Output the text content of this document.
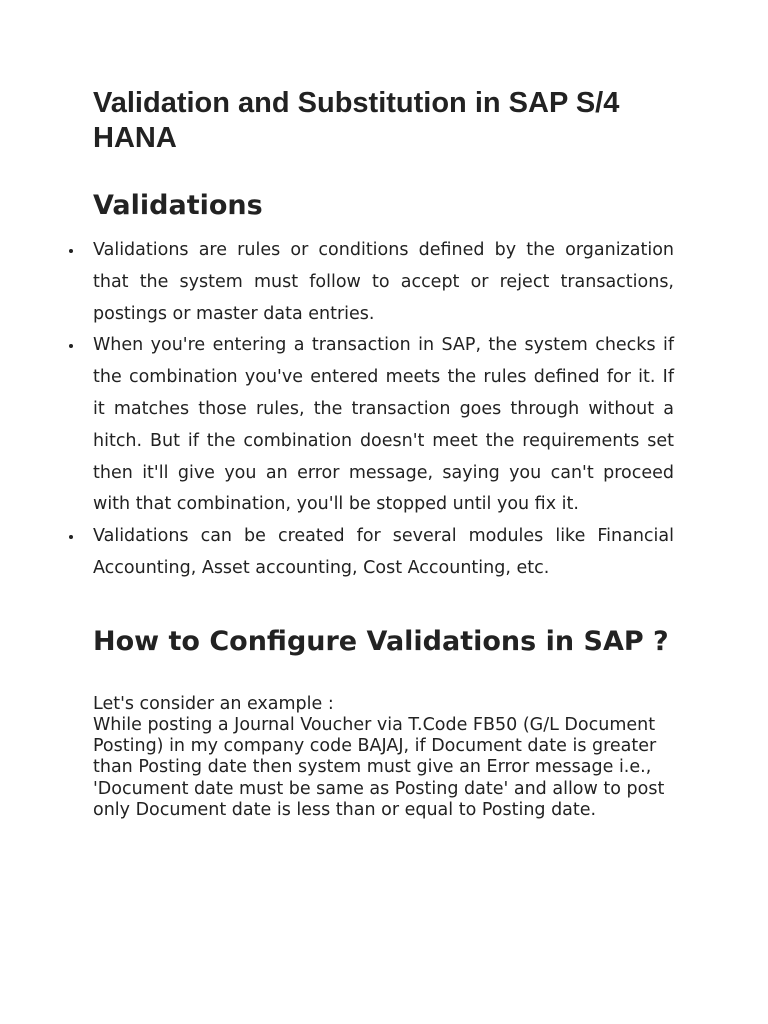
Validation and Substitution in SAP S/4 HANA
Validations
Validations are rules or conditions defined by the organization that the system must follow to accept or reject transactions, postings or master data entries.
When you're entering a transaction in SAP, the system checks if the combination you've entered meets the rules defined for it. If it matches those rules, the transaction goes through without a hitch. But if the combination doesn't meet the requirements set then it'll give you an error message, saying you can't proceed with that combination, you'll be stopped until you fix it.
Validations can be created for several modules like Financial Accounting, Asset accounting, Cost Accounting, etc.
How to Configure Validations in SAP ?

Let's consider an example :

While posting a Journal Voucher via T.Code FB50 (G/L Document Posting) in my company code BAJAJ, if Document date is greater than Posting date then system must give an Error message i.e., 'Document date must be same as Posting date' and allow to post only Document date is less than or equal to Posting date.
